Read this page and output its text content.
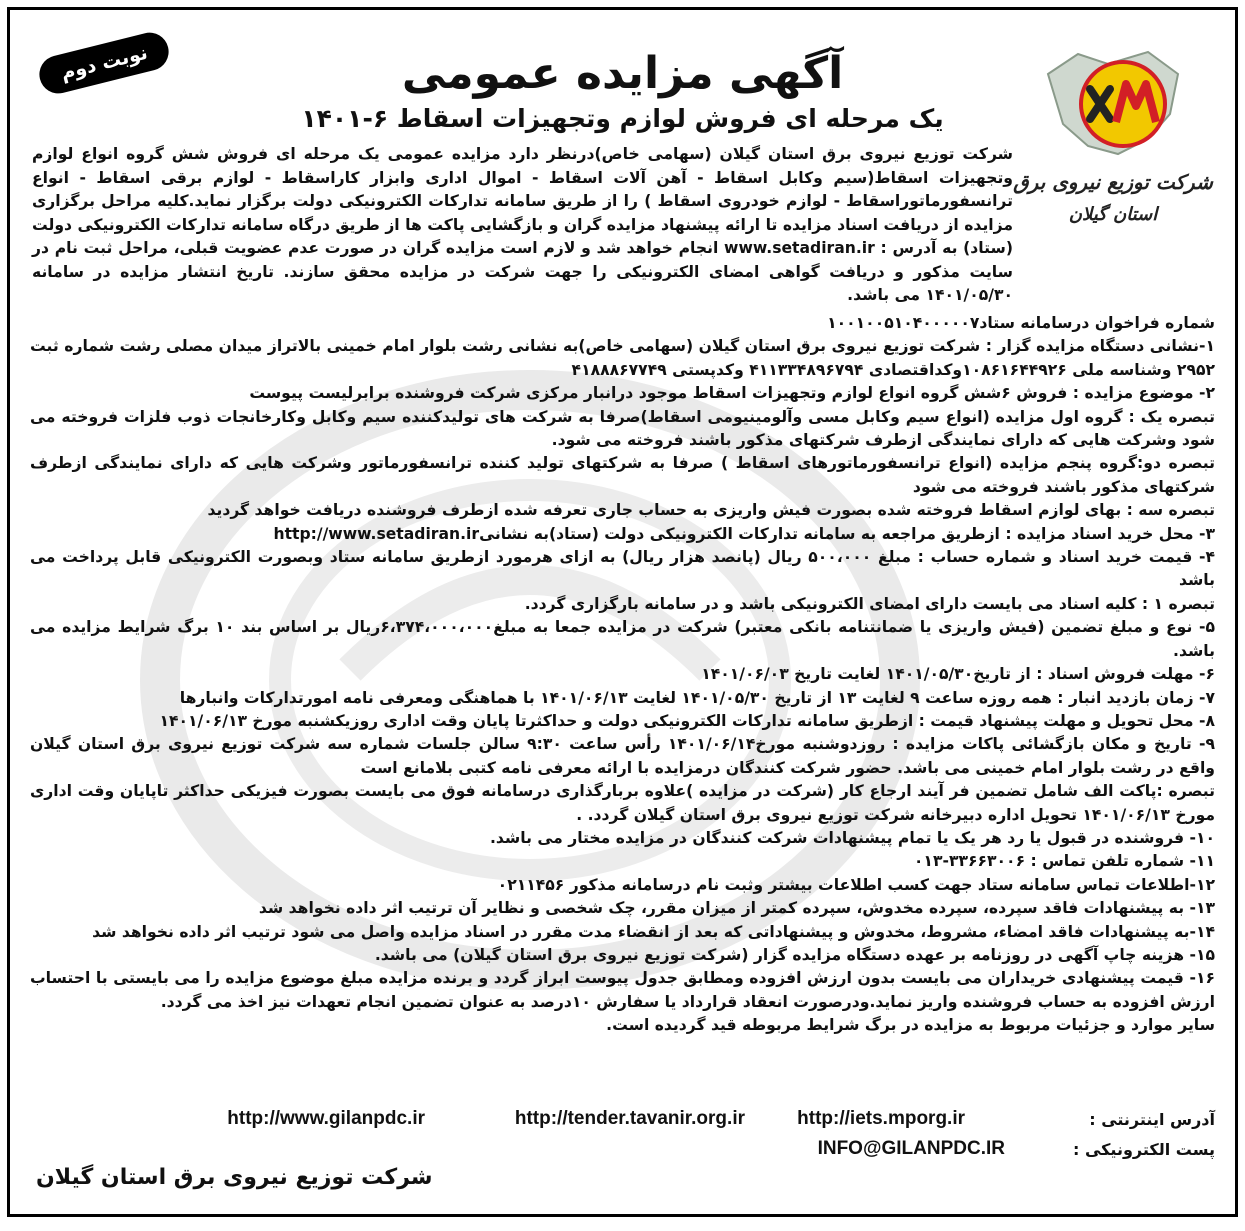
شرکت توزیع نیروی برق
استان گیلان
نوبت دوم	آگهی مزایده عمومی
یک مرحله ای فروش لوازم وتجهیزات اسقاط ۶-۱۴۰۱

شرکت توزیع نیروی برق استان گیلان (سهامی خاص)درنظر دارد مزایده عمومی یک مرحله ای فروش شش گروه انواع لوازم وتجهیزات اسقاط(سیم وکابل اسقاط - آهن آلات اسقاط - اموال اداری وابزار کاراسقاط - لوازم برقی اسقاط - انواع ترانسفورماتوراسقاط - لوازم خودروی اسقاط ) را از طریق سامانه تدارکات الکترونیکی دولت برگزار نماید.کلیه مراحل برگزاری مزایده از دریافت اسناد مزایده تا ارائه پیشنهاد مزایده گران و بازگشایی پاکت ها از طریق درگاه سامانه تدارکات الکترونیکی دولت (ستاد) به آدرس : www.setadiran.ir انجام خواهد شد و لازم است مزایده گران در صورت عدم عضویت قبلی، مراحل ثبت نام در سایت مذکور و دریافت گواهی امضای الکترونیکی را جهت شرکت در مزایده محقق سازند. تاریخ انتشار مزایده در سامانه ۱۴۰۱/۰۵/۳۰ می باشد.

شماره فراخوان درسامانه ستاد۱۰۰۱۰۰۵۱۰۴۰۰۰۰۰۷

۱-نشانی دستگاه مزایده گزار : شرکت توزیع نیروی برق استان گیلان (سهامی خاص)به نشانی رشت بلوار امام خمینی بالاتراز میدان مصلی رشت شماره ثبت ۲۹۵۲ وشناسه ملی ۱۰۸۶۱۶۴۴۹۲۶وکداقتصادی ۴۱۱۳۳۴۸۹۶۷۹۴ وکدپستی ۴۱۸۸۸۶۷۷۴۹

۲- موضوع مزایده : فروش ۶شش گروه انواع لوازم وتجهیزات اسقاط موجود درانبار مرکزی شرکت فروشنده برابرلیست پیوست

تبصره یک : گروه اول مزایده (انواع سیم وکابل مسی وآلومینیومی اسقاط)صرفا به شرکت های تولیدکننده سیم وکابل وکارخانجات ذوب فلزات فروخته می شود وشرکت هایی که دارای نمایندگی ازطرف شرکتهای مذکور باشند فروخته می شود.

تبصره دو:گروه پنجم مزایده (انواع ترانسفورماتورهای اسقاط ) صرفا به شرکتهای تولید کننده ترانسفورماتور وشرکت هایی که دارای نمایندگی ازطرف شرکتهای مذکور باشند فروخته می شود

تبصره سه : بهای لوازم اسقاط فروخته شده بصورت فیش واریزی به حساب جاری تعرفه شده ازطرف فروشنده دریافت خواهد گردید

۳- محل خرید اسناد مزایده : ازطریق مراجعه به سامانه تدارکات الکترونیکی دولت (ستاد)به نشانیhttp://www.setadiran.ir

۴- قیمت خرید اسناد و شماره حساب : مبلغ ۵۰۰،۰۰۰ ریال (پانصد هزار ریال) به ازای هرمورد ازطریق سامانه ستاد وبصورت الکترونیکی قابل پرداخت می باشد

تبصره ۱ : کلیه اسناد می بایست دارای امضای الکترونیکی باشد و در سامانه بارگزاری گردد.

۵- نوع و مبلغ تضمین (فیش واریزی یا ضمانتنامه بانکی معتبر) شرکت در مزایده جمعا به مبلغ۶،۳۷۴،۰۰۰،۰۰۰ریال بر اساس بند ۱۰ برگ شرایط مزایده می باشد.

۶- مهلت فروش اسناد : از تاریخ۱۴۰۱/۰۵/۳۰ لغایت تاریخ ۱۴۰۱/۰۶/۰۳

۷- زمان بازدید انبار : همه روزه ساعت ۹ لغایت ۱۳ از تاریخ ۱۴۰۱/۰۵/۳۰ لغایت ۱۴۰۱/۰۶/۱۳ با هماهنگی ومعرفی نامه امورتدارکات وانبارها

۸- محل تحویل و مهلت پیشنهاد قیمت : ازطریق سامانه تدارکات الکترونیکی دولت و حداکثرتا پایان وقت اداری روزیکشنبه مورخ ۱۴۰۱/۰۶/۱۳

۹- تاریخ و مکان بازگشائی پاکات مزایده : روزدوشنبه مورخ۱۴۰۱/۰۶/۱۴ رأس ساعت ۹:۳۰ سالن جلسات شماره سه شرکت توزیع نیروی برق استان گیلان واقع در رشت بلوار امام خمینی می باشد. حضور شرکت کنندگان درمزایده با ارائه معرفی نامه کتبی بلامانع است

تبصره :پاکت الف شامل تضمین فر آیند ارجاع کار (شرکت در مزایده )علاوه بربارگذاری درسامانه فوق می بایست بصورت فیزیکی حداکثر تاپایان وقت اداری مورخ ۱۴۰۱/۰۶/۱۳ تحویل اداره دبیرخانه شرکت توزیع نیروی برق استان گیلان گردد. .

۱۰- فروشنده در قبول یا رد هر یک یا تمام پیشنهادات شرکت کنندگان در مزایده مختار می باشد.

۱۱- شماره تلفن تماس : ۳۳۶۶۳۰۰۶-۰۱۳

۱۲-اطلاعات تماس سامانه ستاد جهت کسب اطلاعات بیشتر وثبت نام درسامانه مذکور ۰۲۱۱۴۵۶

۱۳- به پیشنهادات فاقد سپرده، سپرده مخدوش، سپرده کمتر از میزان مقرر، چک شخصی و نظایر آن ترتیب اثر داده نخواهد شد

۱۴-به پیشنهادات فاقد امضاء، مشروط، مخدوش و پیشنهاداتی که بعد از انقضاء مدت مقرر در اسناد مزایده واصل می شود ترتیب اثر داده نخواهد شد

۱۵- هزینه چاپ آگهی در روزنامه بر عهده دستگاه مزایده گزار (شرکت توزیع نیروی برق استان گیلان) می باشد.

۱۶- قیمت پیشنهادی خریداران می بایست بدون ارزش افزوده ومطابق جدول پیوست ابراز گردد و برنده مزایده مبلغ موضوع مزایده را می بایستی با احتساب ارزش افزوده به حساب فروشنده واریز نماید.ودرصورت انعقاد قرارداد یا سفارش ۱۰درصد به عنوان تضمین انجام تعهدات نیز اخذ می گردد.

سایر موارد و جزئیات مربوط به مزایده در برگ شرایط مربوطه قید گردیده است.

آدرس اینترنتی :
http://iets.mporg.ir
http://tender.tavanir.org.ir
http://www.gilanpdc.ir
پست الکترونیکی :
INFO@GILANPDC.IR

شرکت توزیع نیروی برق استان گیلان
